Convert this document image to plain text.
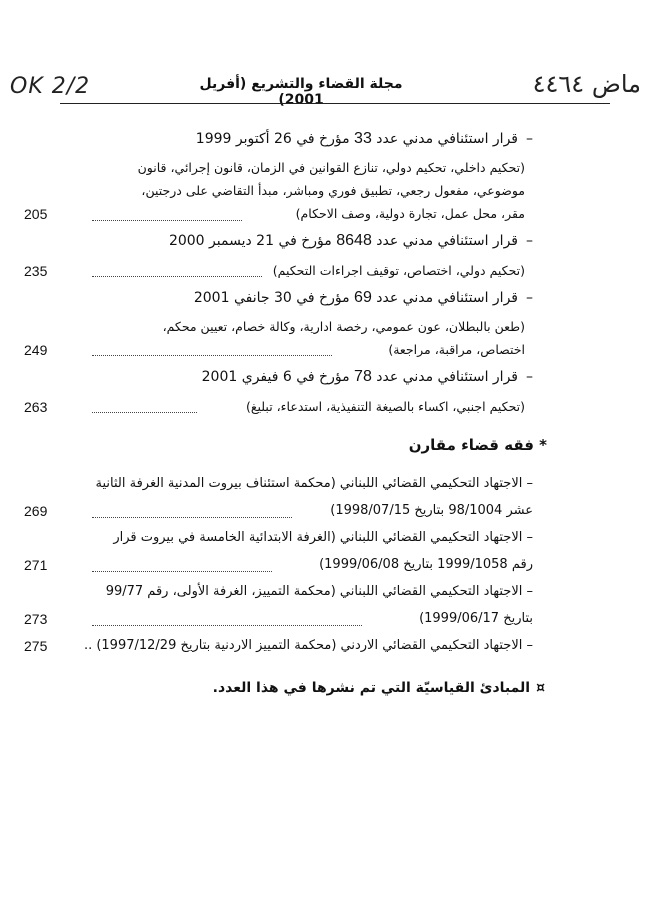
OK 2/2	ماض ٤٤٦٤
مجلة القضاء والتشريع (أفريل 2001)
–قرار استئنافي مدني عدد 33 مؤرخ في 26 أكتوبر 1999
(تحكيم داخلي، تحكيم دولي، تنازع القوانين في الزمان، قانون إجرائي، قانون
موضوعي، مفعول رجعي، تطبيق فوري ومباشر، مبدأ التقاضي على درجتين،
مقر، محل عمل، تجارة دولية، وصف الاحكام)
205
–قرار استئنافي مدني عدد 8648 مؤرخ في 21 ديسمبر 2000
(تحكيم دولي، اختصاص، توقيف اجراءات التحكيم)
235
–قرار استئنافي مدني عدد 69 مؤرخ في 30 جانفي 2001
(طعن بالبطلان، عون عمومي، رخصة ادارية، وكالة خصام، تعيين محكم،
اختصاص، مراقبة، مراجعة)
249
–قرار استئنافي مدني عدد 78 مؤرخ في 6 فيفري 2001
(تحكيم اجنبي، اكساء بالصيغة التنفيذية، استدعاء، تبليغ)
263
* فقه قضاء مقارن
– الاجتهاد التحكيمي القضائي اللبناني (محكمة استئناف بيروت المدنية الغرفة الثانية
عشر 98/1004 بتاريخ 1998/07/15)
269
– الاجتهاد التحكيمي القضائي اللبناني (الغرفة الابتدائية الخامسة في بيروت قرار
رقم 1999/1058 بتاريخ 1999/06/08)
271
– الاجتهاد التحكيمي القضائي اللبناني (محكمة التمييز، الغرفة الأولى، رقم 99/77
بتاريخ 1999/06/17)
273
– الاجتهاد التحكيمي القضائي الاردني (محكمة التمييز الاردنية بتاريخ 1997/12/29) ..
275
¤المبادئ القياسيّة التي تم نشرها في هذا العدد.
